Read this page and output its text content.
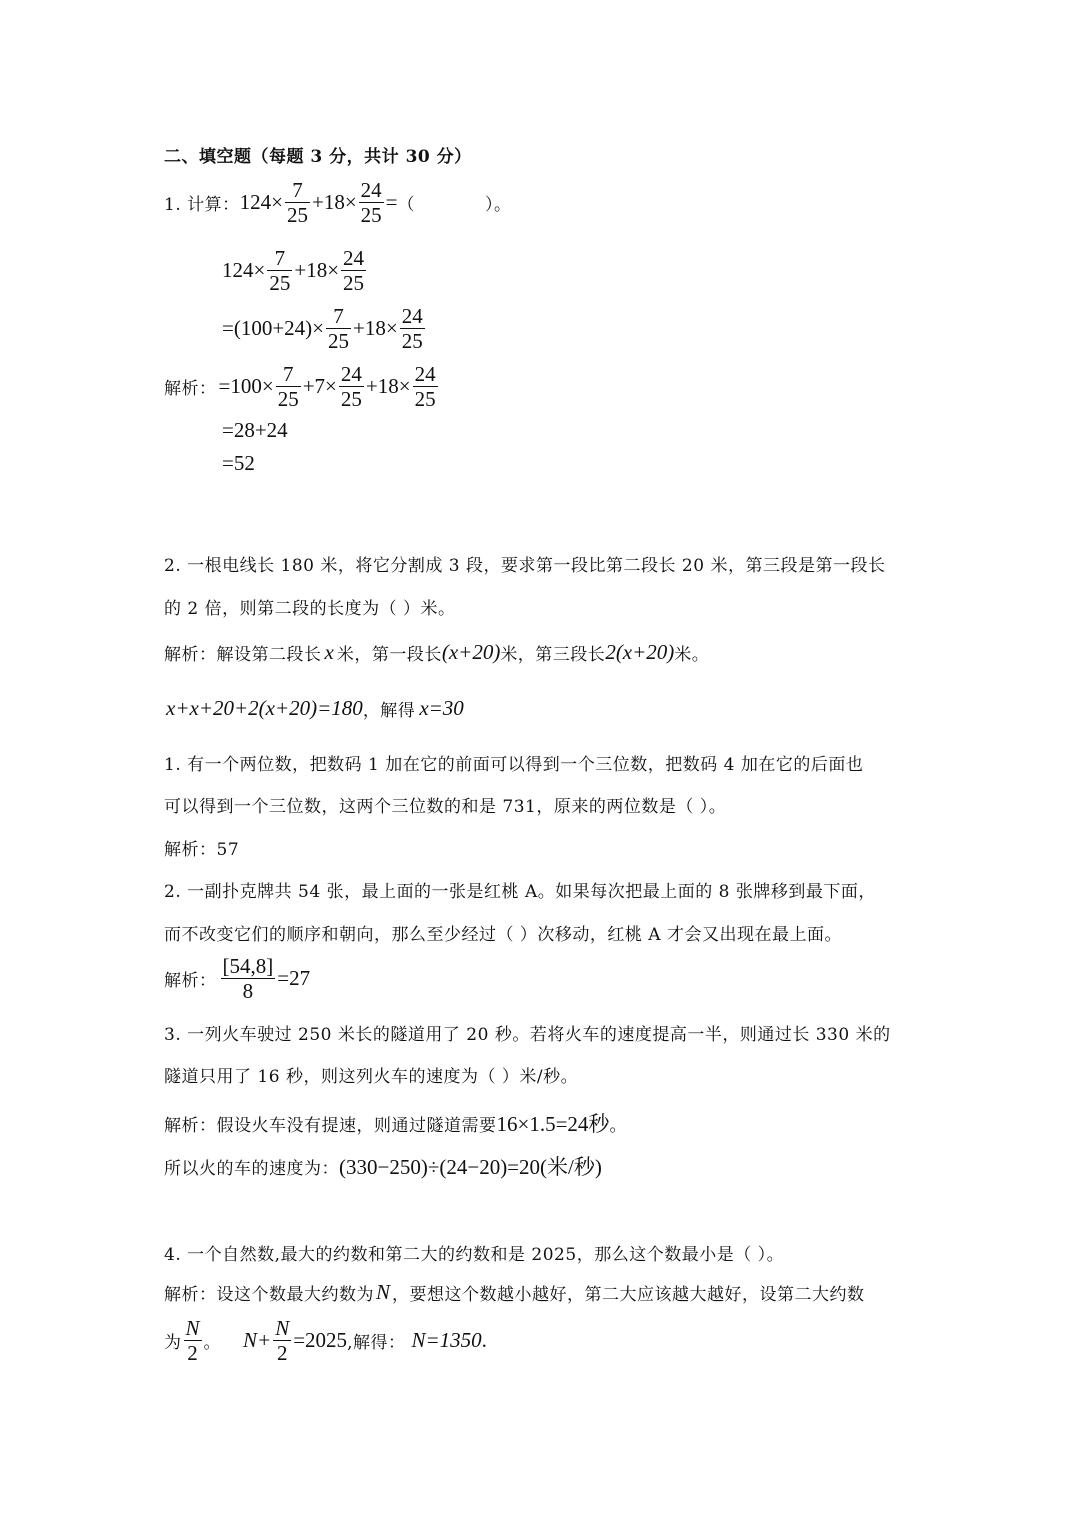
二、填空题（每题 3 分，共计 30 分）
1. 计算： 124 × 7
25
+ 18 × 24
25
= （	）。
124 × 7
25
+ 18 × 24
25
=(100+24)× 7
25
+18× 24
25
解析： =100× 7
25
+7× 24
25
+18× 24
25
=28+24
=52
2. 一根电线长 180 米，将它分割成 3 段，要求第一段比第二段长 20 米，第三段是第一段长
的 2 倍，则第二段的长度为（ ）米。
解析：解设第二段长 x 米，第一段长 (x+20) 米，第三段长 2(x+20) 米。
x+x+20+2(x+20)=180 ，解得 x=30
1. 有一个两位数，把数码 1 加在它的前面可以得到一个三位数，把数码 4 加在它的后面也
可以得到一个三位数，这两个三位数的和是 731，原来的两位数是（ ）。
解析：57
2. 一副扑克牌共 54 张，最上面的一张是红桃 A。如果每次把最上面的 8 张牌移到最下面，
而不改变它们的顺序和朝向，那么至少经过（ ）次移动，红桃 A 才会又出现在最上面。
解析：
[54,8]
8
=27
3. 一列火车驶过 250 米长的隧道用了 20 秒。若将火车的速度提高一半，则通过长 330 米的
隧道只用了 16 秒，则这列火车的速度为（ ）米/秒。
解析：假设火车没有提速，则通过隧道需要 16×1.5=24秒 。
所以火的车的速度为： (330−250)÷(24−20)=20(米/秒)
4. 一个自然数,最大的约数和第二大的约数和是 2025，那么这个数最小是（ ）。
解析：设这个数最大约数为 N ，要想这个数越小越好，第二大应该越大越好，设第二大约数
为
N
2 。 N+ N
2
=2025 ,解得： N=1350 .
